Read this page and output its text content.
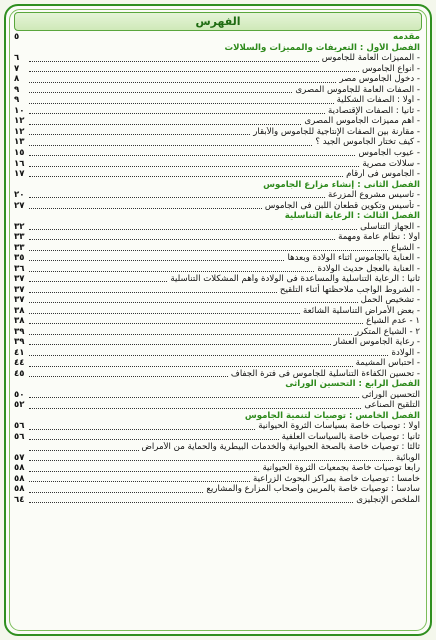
الفهرس
مقدمه
٥
الفصل الأول : التعريفات والمميزات والسلالات
- المميزات العامة للجاموس
٦
- أنواع الجاموس
٧
- دخول الجاموس مصر
٨
- الصفات العامة للجاموس المصرى
٩
- أولا : الصفات الشكلية
٩
- ثانياً : الصفات الإقتصادية
١٠
- أهم مميزات الجاموس المصرى
١٢
- مقارنة بين الصفات الإنتاجية للجاموس والأبقار
١٢
- كيف تختار الجاموس الجيد ؟
١٣
- عيوب الجاموس
١٥
- سلالات مصرية
١٦
- الجاموس فى أرقام
١٧
الفصل الثانى : إنشاء مزارع الجاموس
- تأسيس مشروع المزرعة
٢٠
- تأسيس وتكوين قطعان اللبن فى الجاموس
٢٧
الفصل الثالث : الرعاية التناسلية
- الجهاز التناسلى
٣٢
أولا : نظام عامة ومهمة
٣٣
- الشياع
٣٣
- العناية بالجاموس أثناء الولادة وبعدها
٣٥
- العناية بالعجل حديث الولادة
٣٦
ثانياً : الرعاية التناسلية والمساعدة فى الولادة وأهم المشكلات التناسلية
٣٧
- الشروط الواجب ملاحظتها أثناء التلقيح
٣٧
- تشخيص الحمل
٣٧
- بعض الأمراض التناسلية الشائعة
٣٨
١ - عدم الشياع
٣٨
٢ - الشياع المتكرر
٣٩
- رعاية الجاموس العشار
٣٩
- الولادة
٤١
- احتباس المشيمة
٤٤
- تحسين الكفاءة التناسلية للجاموس فى فترة الجفاف
٤٥
الفصل الرابع : التحسين الوراثى
التحسين الوراثى
٥٠
التلقيح الصناعى
٥٢
الفصل الخامس : توصيات لتنمية الجاموس
أولا : توصيات خاصة بسياسات الثروة الحيوانية
٥٦
ثانياً : توصيات خاصة بالسياسات العلفية
٥٦
ثالثاً : توصيات خاصة بالصحة الحيوانية والخدمات البيطرية والحماية من الأمراض
الوبائية
٥٧
رابعا توصيات خاصة بجمعيات الثروة الحيوانية
٥٨
خامسا : توصيات خاصة بمراكز البحوث الزراعية
٥٨
سادسا : توصيات خاصة بالمربين وأصحاب المزارع والمشاريع
٥٨
الملخص الإنجليزى
٦٤
